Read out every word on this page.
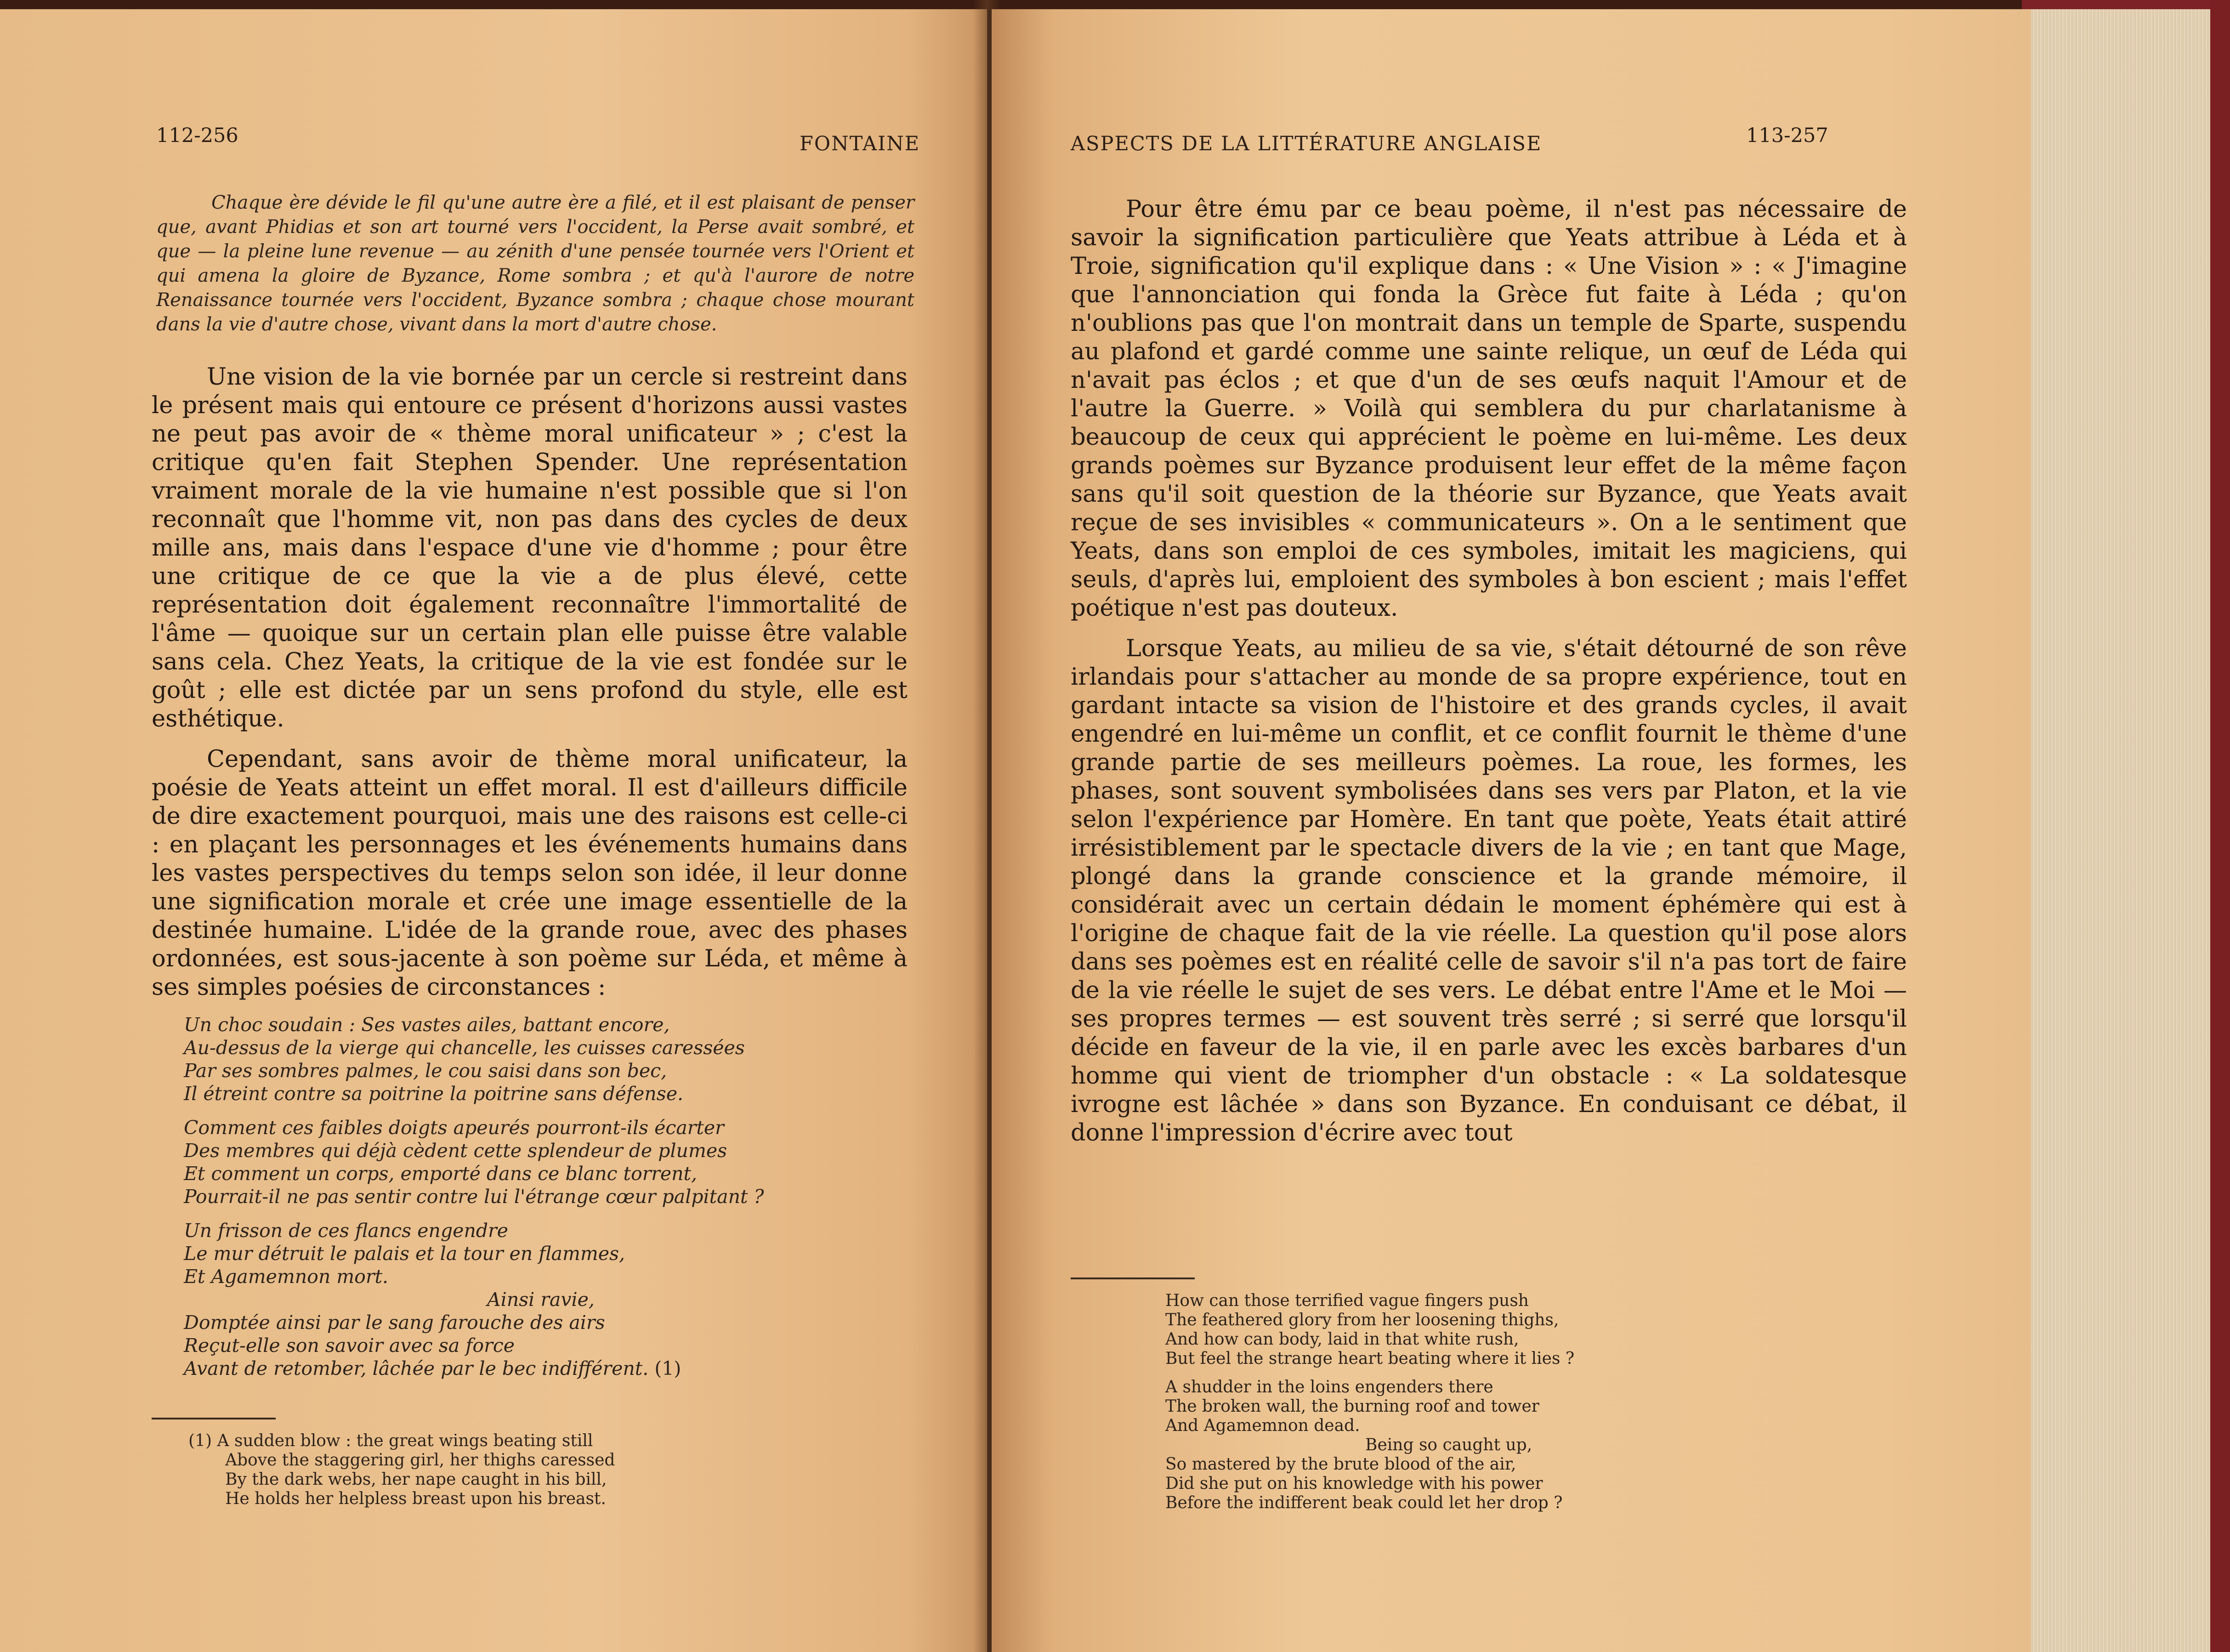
112-256	FONTAINE
Chaque ère dévide le fil qu'une autre ère a filé, et il est plaisant de penser que, avant Phidias et son art tourné vers l'occident, la Perse avait sombré, et que — la pleine lune revenue — au zénith d'une pensée tournée vers l'Orient et qui amena la gloire de Byzance, Rome sombra ; et qu'à l'aurore de notre Renaissance tournée vers l'occident, Byzance sombra ; chaque chose mourant dans la vie d'autre chose, vivant dans la mort d'autre chose.

Une vision de la vie bornée par un cercle si restreint dans le présent mais qui entoure ce présent d'horizons aussi vastes ne peut pas avoir de « thème moral unificateur » ; c'est la critique qu'en fait Stephen Spender. Une représentation vraiment morale de la vie humaine n'est possible que si l'on reconnaît que l'homme vit, non pas dans des cycles de deux mille ans, mais dans l'espace d'une vie d'homme ; pour être une critique de ce que la vie a de plus élevé, cette représentation doit également reconnaître l'immortalité de l'âme — quoique sur un certain plan elle puisse être valable sans cela. Chez Yeats, la critique de la vie est fondée sur le goût ; elle est dictée par un sens profond du style, elle est esthétique.

Cependant, sans avoir de thème moral unificateur, la poésie de Yeats atteint un effet moral. Il est d'ailleurs difficile de dire exactement pourquoi, mais une des raisons est celle-ci : en plaçant les personnages et les événements humains dans les vastes perspectives du temps selon son idée, il leur donne une signification morale et crée une image essentielle de la destinée humaine. L'idée de la grande roue, avec des phases ordonnées, est sous-jacente à son poème sur Léda, et même à ses simples poésies de circonstances :

Un choc soudain : Ses vastes ailes, battant encore,
Au-dessus de la vierge qui chancelle, les cuisses caressées
Par ses sombres palmes, le cou saisi dans son bec,
Il étreint contre sa poitrine la poitrine sans défense.
Comment ces faibles doigts apeurés pourront-ils écarter
Des membres qui déjà cèdent cette splendeur de plumes
Et comment un corps, emporté dans ce blanc torrent,
Pourrait-il ne pas sentir contre lui l'étrange cœur palpitant ?
Un frisson de ces flancs engendre
Le mur détruit le palais et la tour en flammes,
Et Agamemnon mort.
Ainsi ravie,
Domptée ainsi par le sang farouche des airs
Reçut-elle son savoir avec sa force
Avant de retomber, lâchée par le bec indifférent. (1)
(1) A sudden blow : the great wings beating still
Above the staggering girl, her thighs caressed
By the dark webs, her nape caught in his bill,
He holds her helpless breast upon his breast.
ASPECTS DE LA LITTÉRATURE ANGLAISE	113-257

Pour être ému par ce beau poème, il n'est pas nécessaire de savoir la signification particulière que Yeats attribue à Léda et à Troie, signification qu'il explique dans : « Une Vision » : « J'imagine que l'annonciation qui fonda la Grèce fut faite à Léda ; qu'on n'oublions pas que l'on montrait dans un temple de Sparte, suspendu au plafond et gardé comme une sainte relique, un œuf de Léda qui n'avait pas éclos ; et que d'un de ses œufs naquit l'Amour et de l'autre la Guerre. » Voilà qui semblera du pur charlatanisme à beaucoup de ceux qui apprécient le poème en lui-même. Les deux grands poèmes sur Byzance produisent leur effet de la même façon sans qu'il soit question de la théorie sur Byzance, que Yeats avait reçue de ses invisibles « communicateurs ». On a le sentiment que Yeats, dans son emploi de ces symboles, imitait les magiciens, qui seuls, d'après lui, emploient des symboles à bon escient ; mais l'effet poétique n'est pas douteux.

Lorsque Yeats, au milieu de sa vie, s'était détourné de son rêve irlandais pour s'attacher au monde de sa propre expérience, tout en gardant intacte sa vision de l'histoire et des grands cycles, il avait engendré en lui-même un conflit, et ce conflit fournit le thème d'une grande partie de ses meilleurs poèmes. La roue, les formes, les phases, sont souvent symbolisées dans ses vers par Platon, et la vie selon l'expérience par Homère. En tant que poète, Yeats était attiré irrésistiblement par le spectacle divers de la vie ; en tant que Mage, plongé dans la grande conscience et la grande mémoire, il considérait avec un certain dédain le moment éphémère qui est à l'origine de chaque fait de la vie réelle. La question qu'il pose alors dans ses poèmes est en réalité celle de savoir s'il n'a pas tort de faire de la vie réelle le sujet de ses vers. Le débat entre l'Ame et le Moi — ses propres termes — est souvent très serré ; si serré que lorsqu'il décide en faveur de la vie, il en parle avec les excès barbares d'un homme qui vient de triompher d'un obstacle : « La soldatesque ivrogne est lâchée » dans son Byzance. En conduisant ce débat, il donne l'impression d'écrire avec tout

How can those terrified vague fingers push
The feathered glory from her loosening thighs,
And how can body, laid in that white rush,
But feel the strange heart beating where it lies ?
A shudder in the loins engenders there
The broken wall, the burning roof and tower
And Agamemnon dead.
Being so caught up,
So mastered by the brute blood of the air,
Did she put on his knowledge with his power
Before the indifferent beak could let her drop ?
